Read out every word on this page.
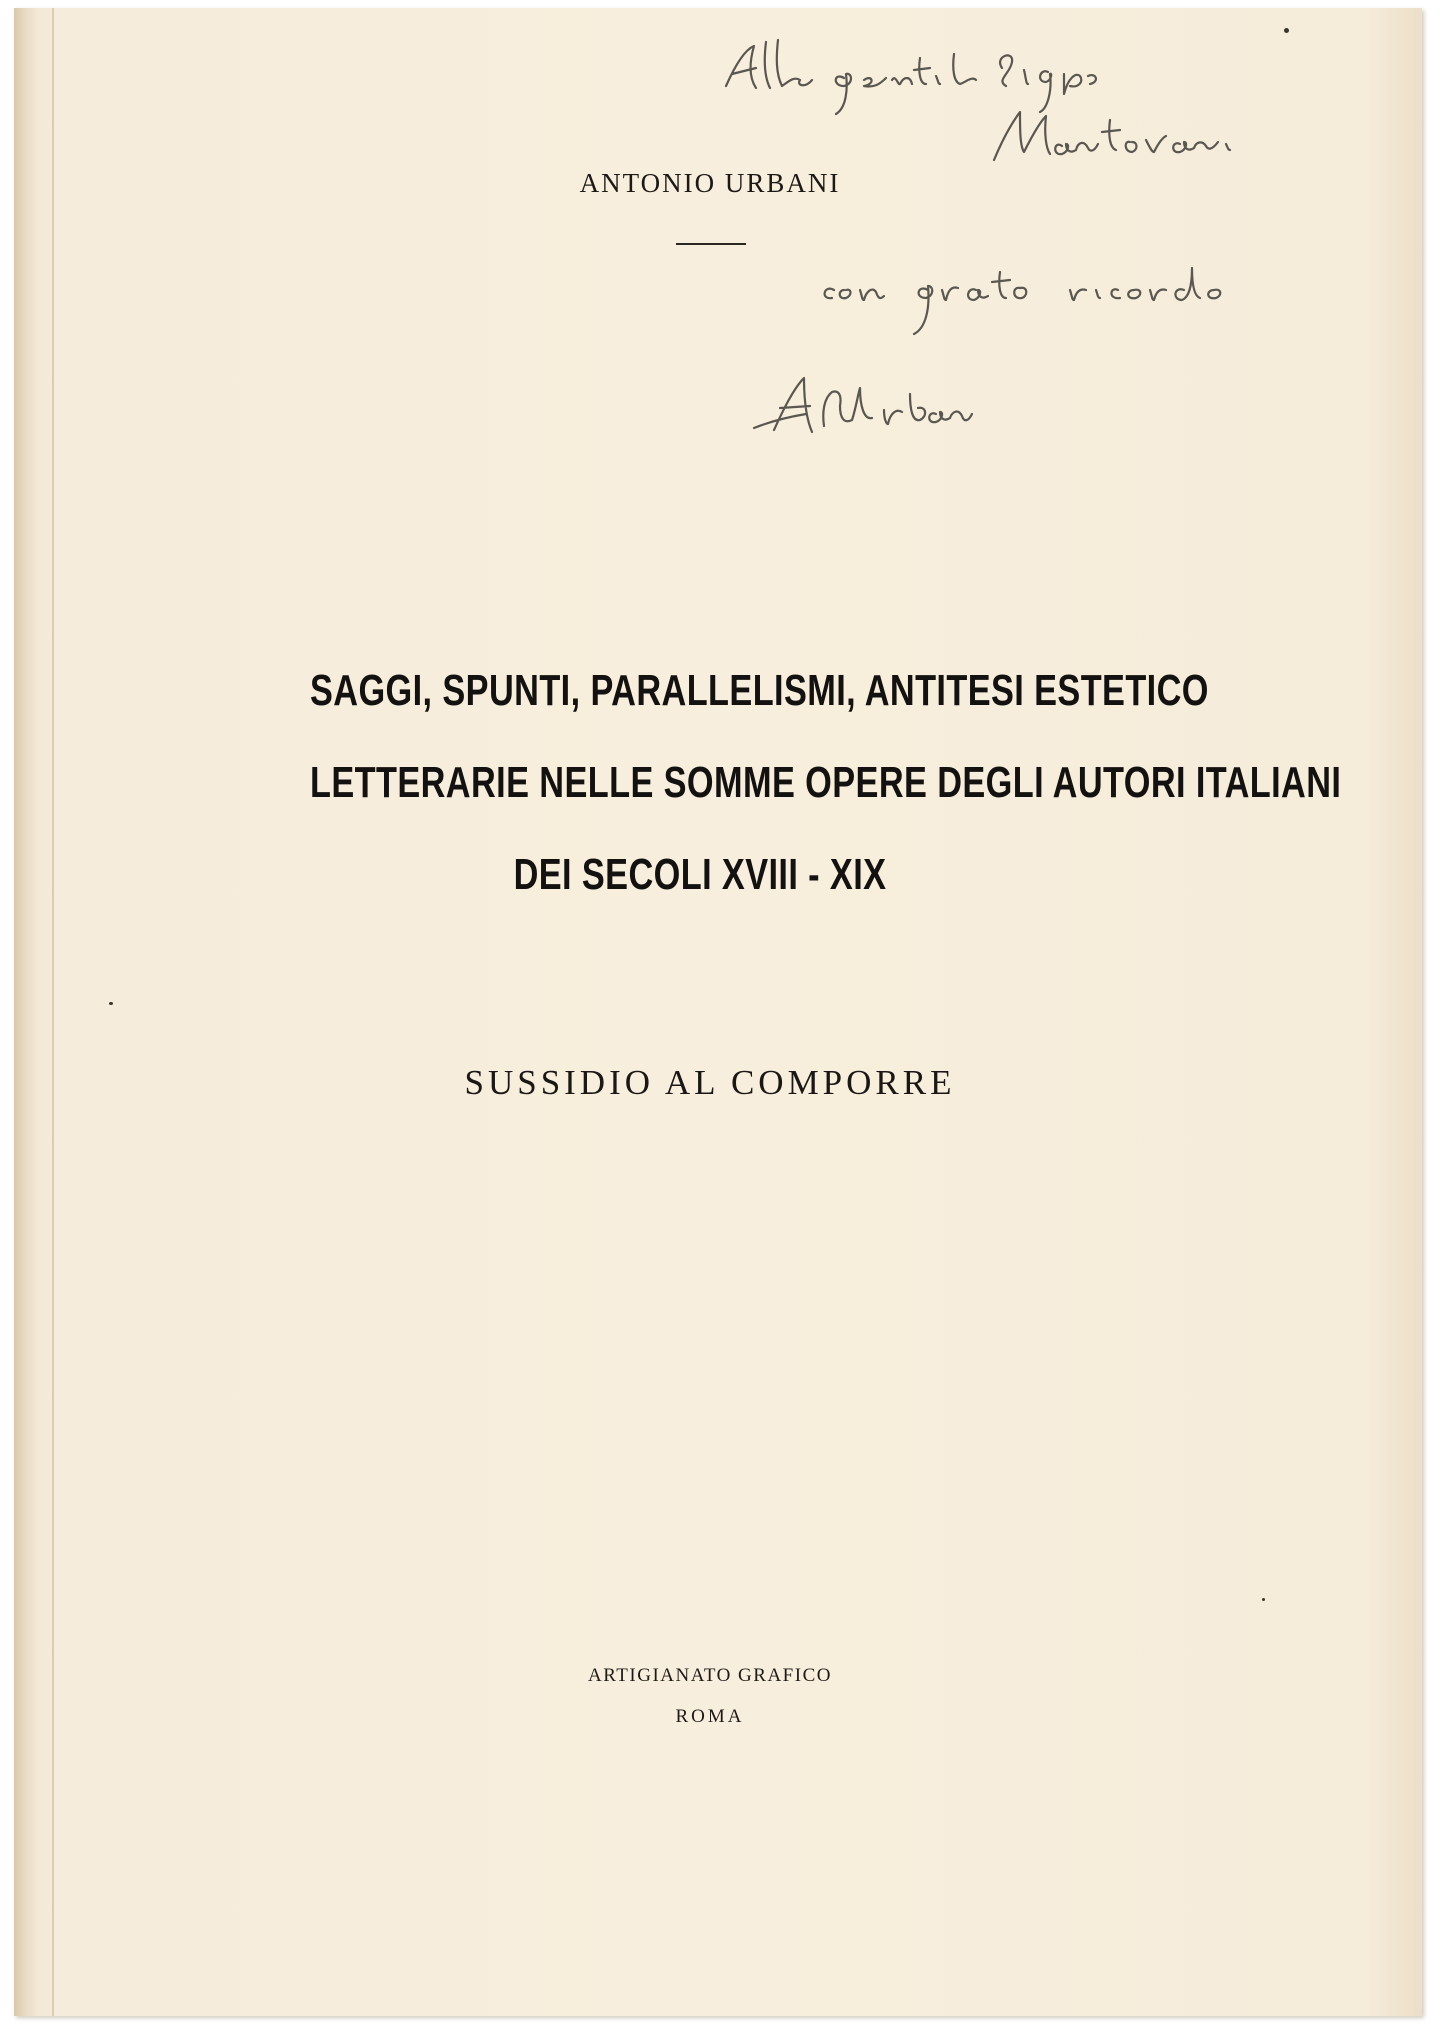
ANTONIO URBANI

SAGGI, SPUNTI, PARALLELISMI, ANTITESI ESTETICO
LETTERARIE NELLE SOMME OPERE DEGLI AUTORI ITALIANI
DEI SECOLI XVIII - XIX

SUSSIDIO AL COMPORRE

ARTIGIANATO GRAFICO
ROMA
